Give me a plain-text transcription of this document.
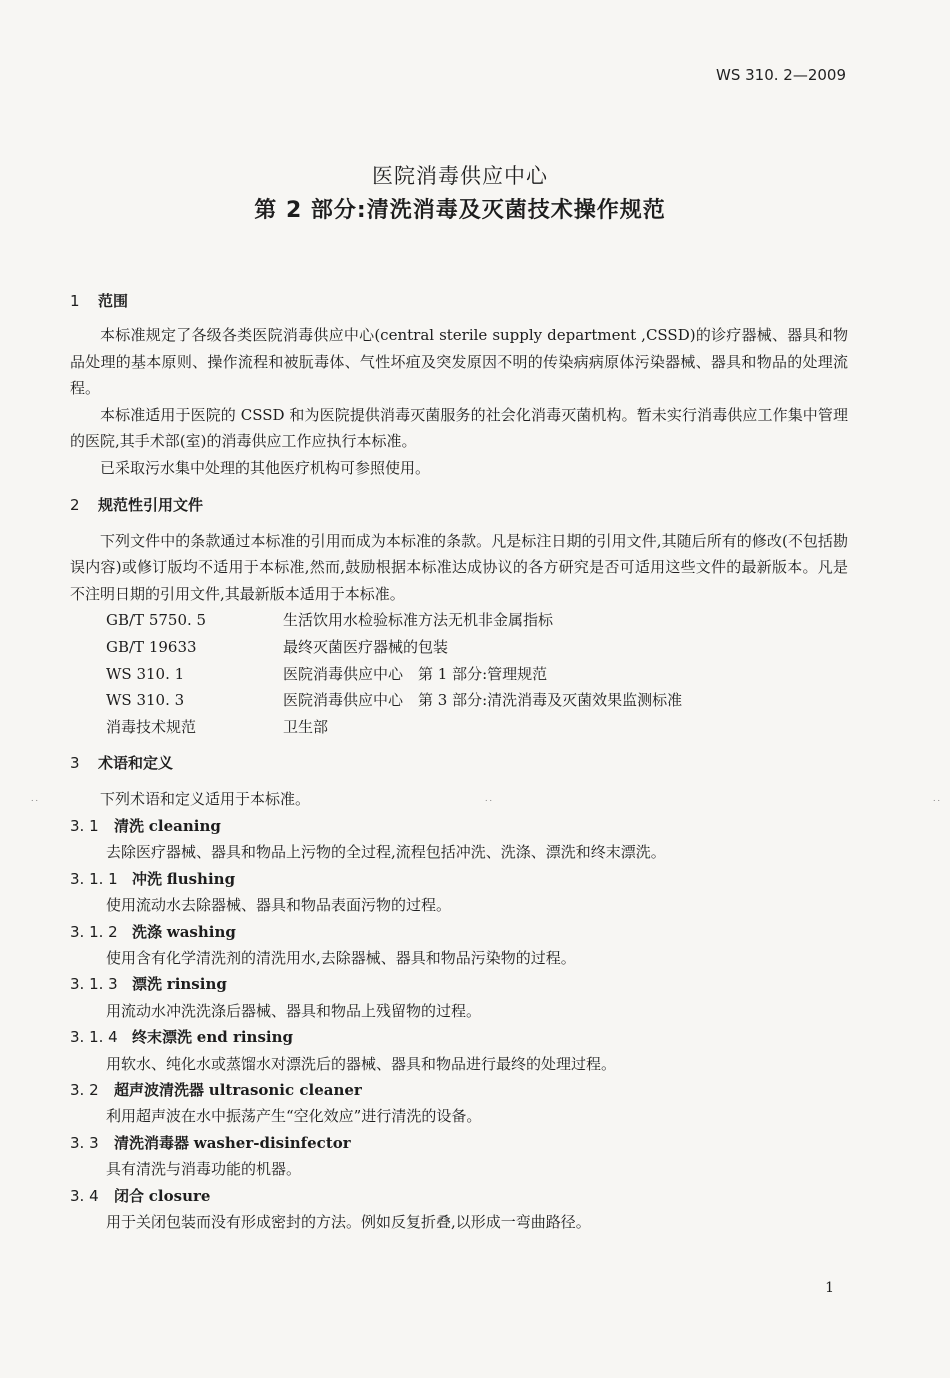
WS 310. 2—2009
医院消毒供应中心
第 2 部分:清洗消毒及灭菌技术操作规范
1 范围

本标准规定了各级各类医院消毒供应中心(central sterile supply department ,CSSD)的诊疗器械、器具和物品处理的基本原则、操作流程和被朊毒体、气性坏疽及突发原因不明的传染病病原体污染器械、器具和物品的处理流程。

本标准适用于医院的 CSSD 和为医院提供消毒灭菌服务的社会化消毒灭菌机构。暂未实行消毒供应工作集中管理的医院,其手术部(室)的消毒供应工作应执行本标准。

已采取污水集中处理的其他医疗机构可参照使用。

2 规范性引用文件

下列文件中的条款通过本标准的引用而成为本标准的条款。凡是标注日期的引用文件,其随后所有的修改(不包括勘误内容)或修订版均不适用于本标准,然而,鼓励根据本标准达成协议的各方研究是否可适用这些文件的最新版本。凡是不注明日期的引用文件,其最新版本适用于本标准。

GB/T 5750. 5	生活饮用水检验标准方法无机非金属指标
GB/T 19633	最终灭菌医疗器械的包装
WS 310. 1	医院消毒供应中心　第 1 部分:管理规范
WS 310. 3	医院消毒供应中心　第 3 部分:清洗消毒及灭菌效果监测标准
消毒技术规范	卫生部
3 术语和定义

下列术语和定义适用于本标准。

3. 1 清洗 cleaning
去除医疗器械、器具和物品上污物的全过程,流程包括冲洗、洗涤、漂洗和终末漂洗。
3. 1. 1 冲洗 flushing
使用流动水去除器械、器具和物品表面污物的过程。
3. 1. 2 洗涤 washing
使用含有化学清洗剂的清洗用水,去除器械、器具和物品污染物的过程。
3. 1. 3 漂洗 rinsing
用流动水冲洗洗涤后器械、器具和物品上残留物的过程。
3. 1. 4 终末漂洗 end rinsing
用软水、纯化水或蒸馏水对漂洗后的器械、器具和物品进行最终的处理过程。
3. 2 超声波清洗器 ultrasonic cleaner
利用超声波在水中振荡产生“空化效应”进行清洗的设备。
3. 3 清洗消毒器 washer-disinfector
具有清洗与消毒功能的机器。
3. 4 闭合 closure
用于关闭包装而没有形成密封的方法。例如反复折叠,以形成一弯曲路径。
˙˙	˙˙	˙˙
1
